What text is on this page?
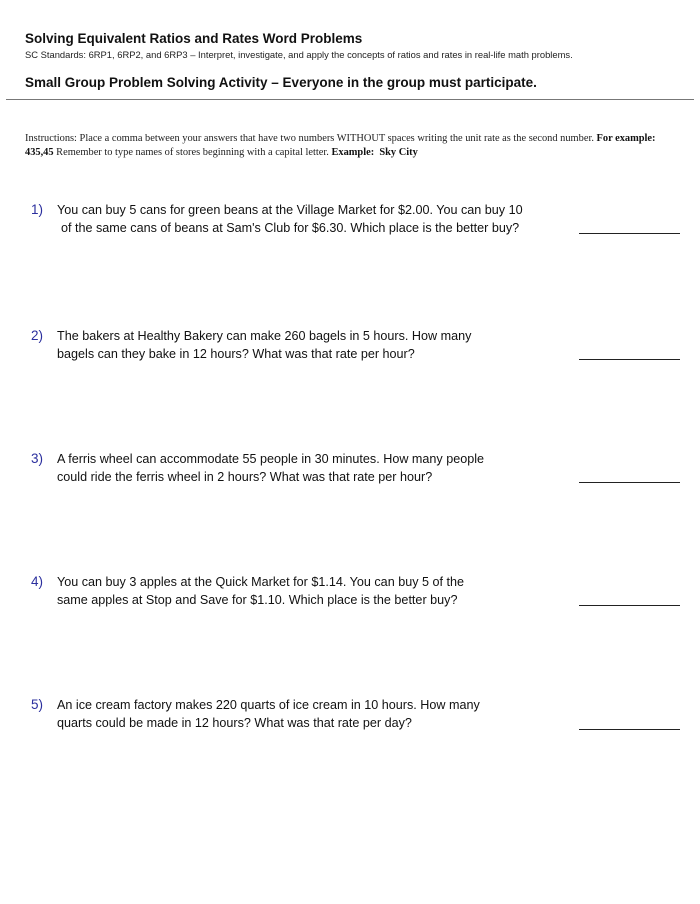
Solving Equivalent Ratios and Rates Word Problems
SC Standards: 6RP1, 6RP2, and 6RP3 – Interpret, investigate, and apply the concepts of ratios and rates in real-life math problems.
Small Group Problem Solving Activity – Everyone in the group must participate.
Instructions: Place a comma between your answers that have two numbers WITHOUT spaces writing the unit rate as the second number. For example:   435,45 Remember to type names of stores beginning with a capital letter. Example: Sky City
1) You can buy 5 cans for green beans at the Village Market for $2.00. You can buy 10
of the same cans of beans at Sam's Club for $6.30. Which place is the better buy?
2) The bakers at Healthy Bakery can make 260 bagels in 5 hours. How many
bagels can they bake in 12 hours? What was that rate per hour?
3) A ferris wheel can accommodate 55 people in 30 minutes. How many people
could ride the ferris wheel in 2 hours? What was that rate per hour?
4) You can buy 3 apples at the Quick Market for $1.14. You can buy 5 of the
same apples at Stop and Save for $1.10. Which place is the better buy?
5) An ice cream factory makes 220 quarts of ice cream in 10 hours. How many
quarts could be made in 12 hours? What was that rate per day?
